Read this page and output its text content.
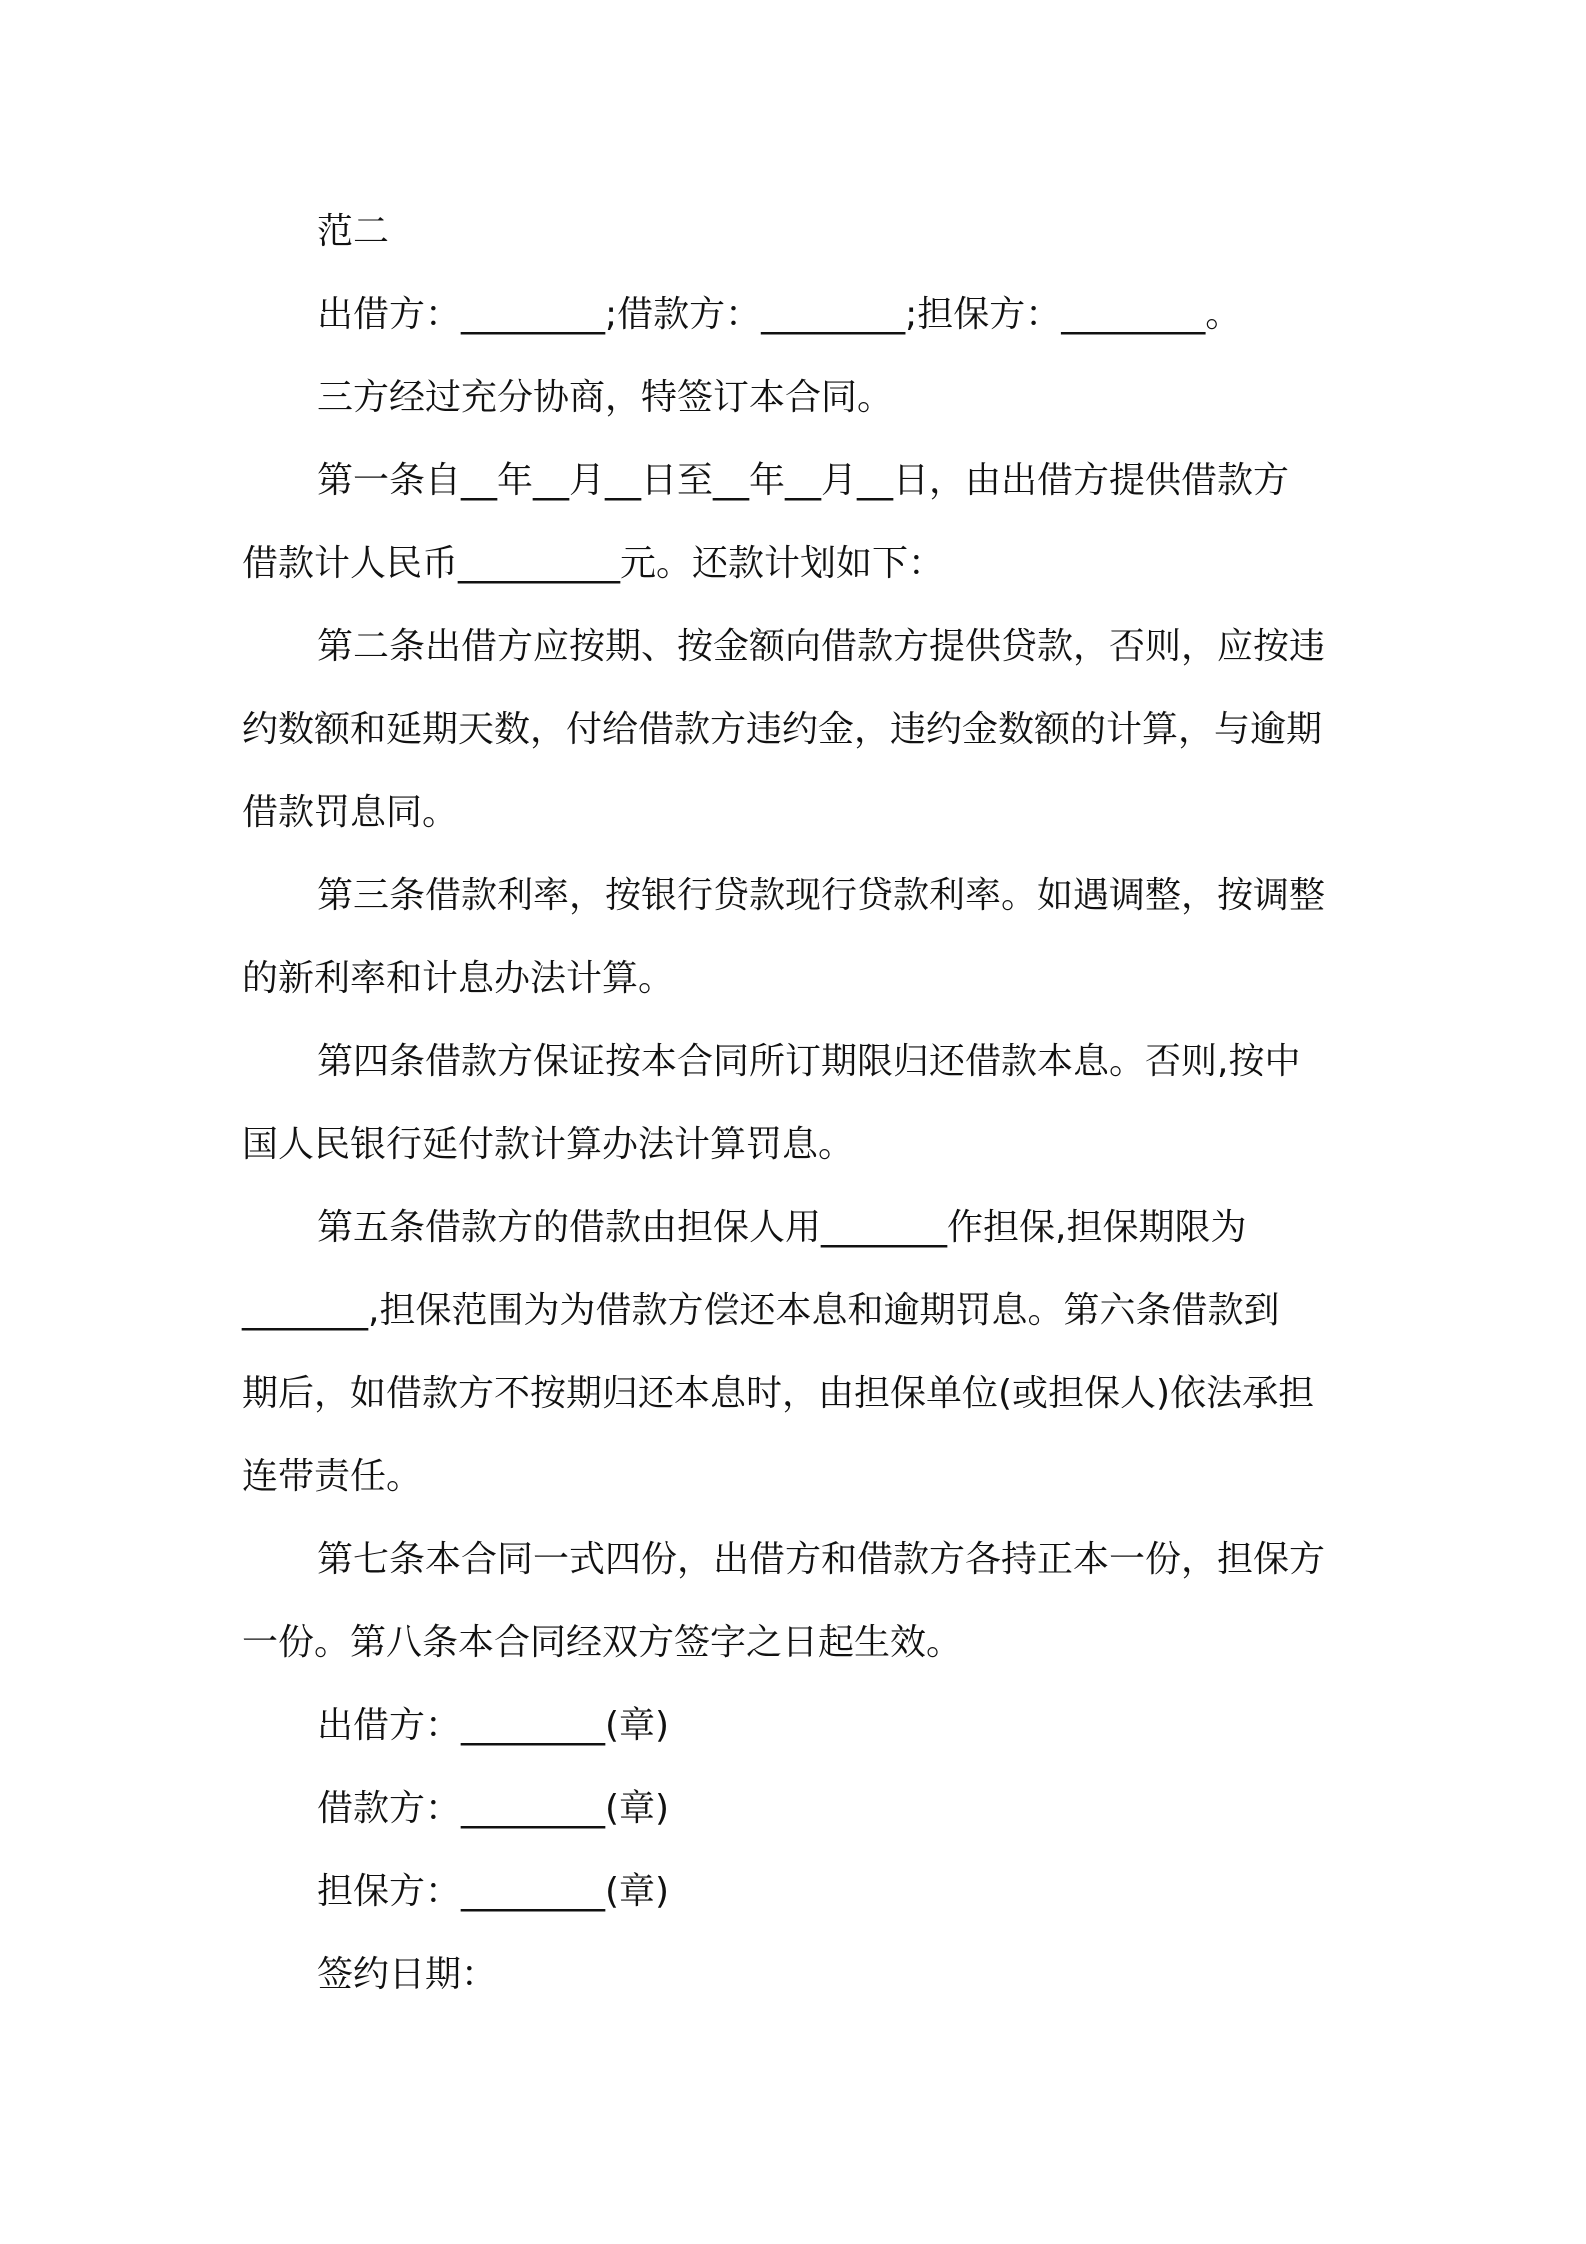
范二

出借方：________;借款方：________;担保方：________。

三方经过充分协商，特签订本合同。

第一条自__年__月__日至__年__月__日，由出借方提供借款方

借款计人民币_________元。还款计划如下：

第二条出借方应按期、按金额向借款方提供贷款，否则，应按违

约数额和延期天数，付给借款方违约金，违约金数额的计算，与逾期

借款罚息同。

第三条借款利率，按银行贷款现行贷款利率。如遇调整，按调整

的新利率和计息办法计算。

第四条借款方保证按本合同所订期限归还借款本息。否则,按中

国人民银行延付款计算办法计算罚息。

第五条借款方的借款由担保人用_______作担保,担保期限为

_______,担保范围为为借款方偿还本息和逾期罚息。第六条借款到

期后，如借款方不按期归还本息时，由担保单位(或担保人)依法承担

连带责任。

第七条本合同一式四份，出借方和借款方各持正本一份，担保方

一份。第八条本合同经双方签字之日起生效。

出借方：________(章)

借款方：________(章)

担保方：________(章)

签约日期：
